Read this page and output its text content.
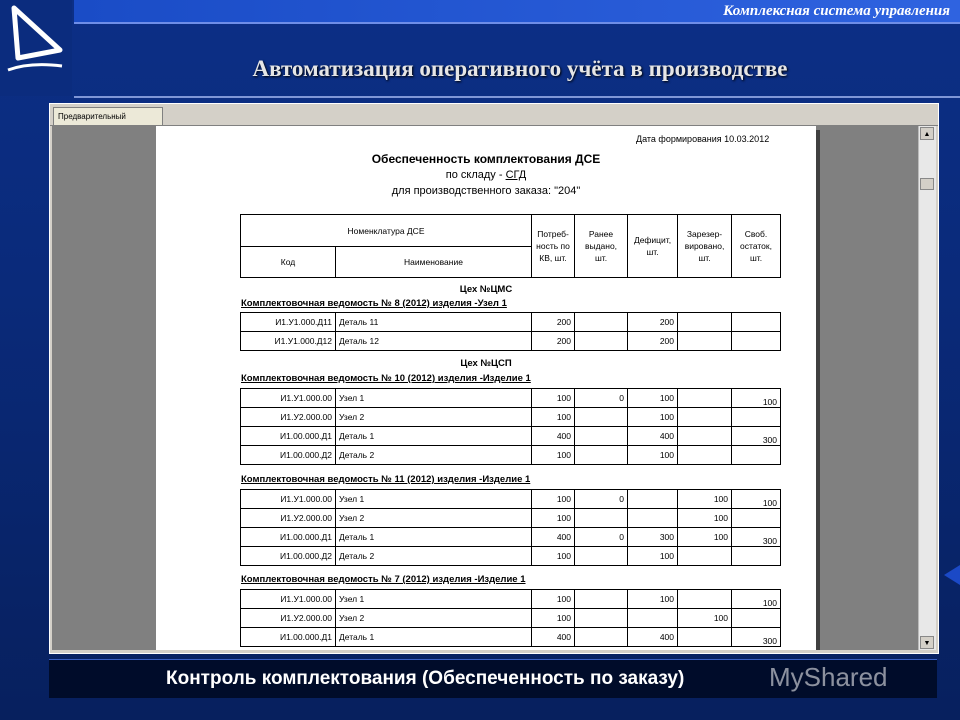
Комплексная система управления
Автоматизация оперативного учёта в производстве
Предварительный
Дата формирования 10.03.2012
Обеспеченность комплектования ДСЕ
по складу - СГД
для производственного заказа: "204"
Номенклатура ДСЕ		Потреб-ность по КВ, шт.	Ранее выдано, шт.	Дефицит, шт.	Зарезер-вировано, шт.	Своб. остаток, шт.
Код	Наименование					
Цех №ЦМС
Комплектовочная ведомость № 8 (2012) изделия -Узел 1
И1.У1.000.Д11	Деталь 11	200		200		
И1.У1.000.Д12	Деталь 12	200		200		
Цех №ЦСП
Комплектовочная ведомость № 10 (2012) изделия -Изделие 1
И1.У1.000.00	Узел 1	100	0	100		100
И1.У2.000.00	Узел 2	100		100		
И1.00.000.Д1	Деталь 1	400		400		300
И1.00.000.Д2	Деталь 2	100		100		
Комплектовочная ведомость № 11 (2012) изделия -Изделие 1
И1.У1.000.00	Узел 1	100	0		100	100
И1.У2.000.00	Узел 2	100			100	
И1.00.000.Д1	Деталь 1	400	0	300	100	300
И1.00.000.Д2	Деталь 2	100		100		
Комплектовочная ведомость № 7 (2012) изделия -Изделие 1
И1.У1.000.00	Узел 1	100		100		100
И1.У2.000.00	Узел 2	100			100	
И1.00.000.Д1	Деталь 1	400		400		300
▲
▼
Контроль комплектования (Обеспеченность по заказу)	MyShared
